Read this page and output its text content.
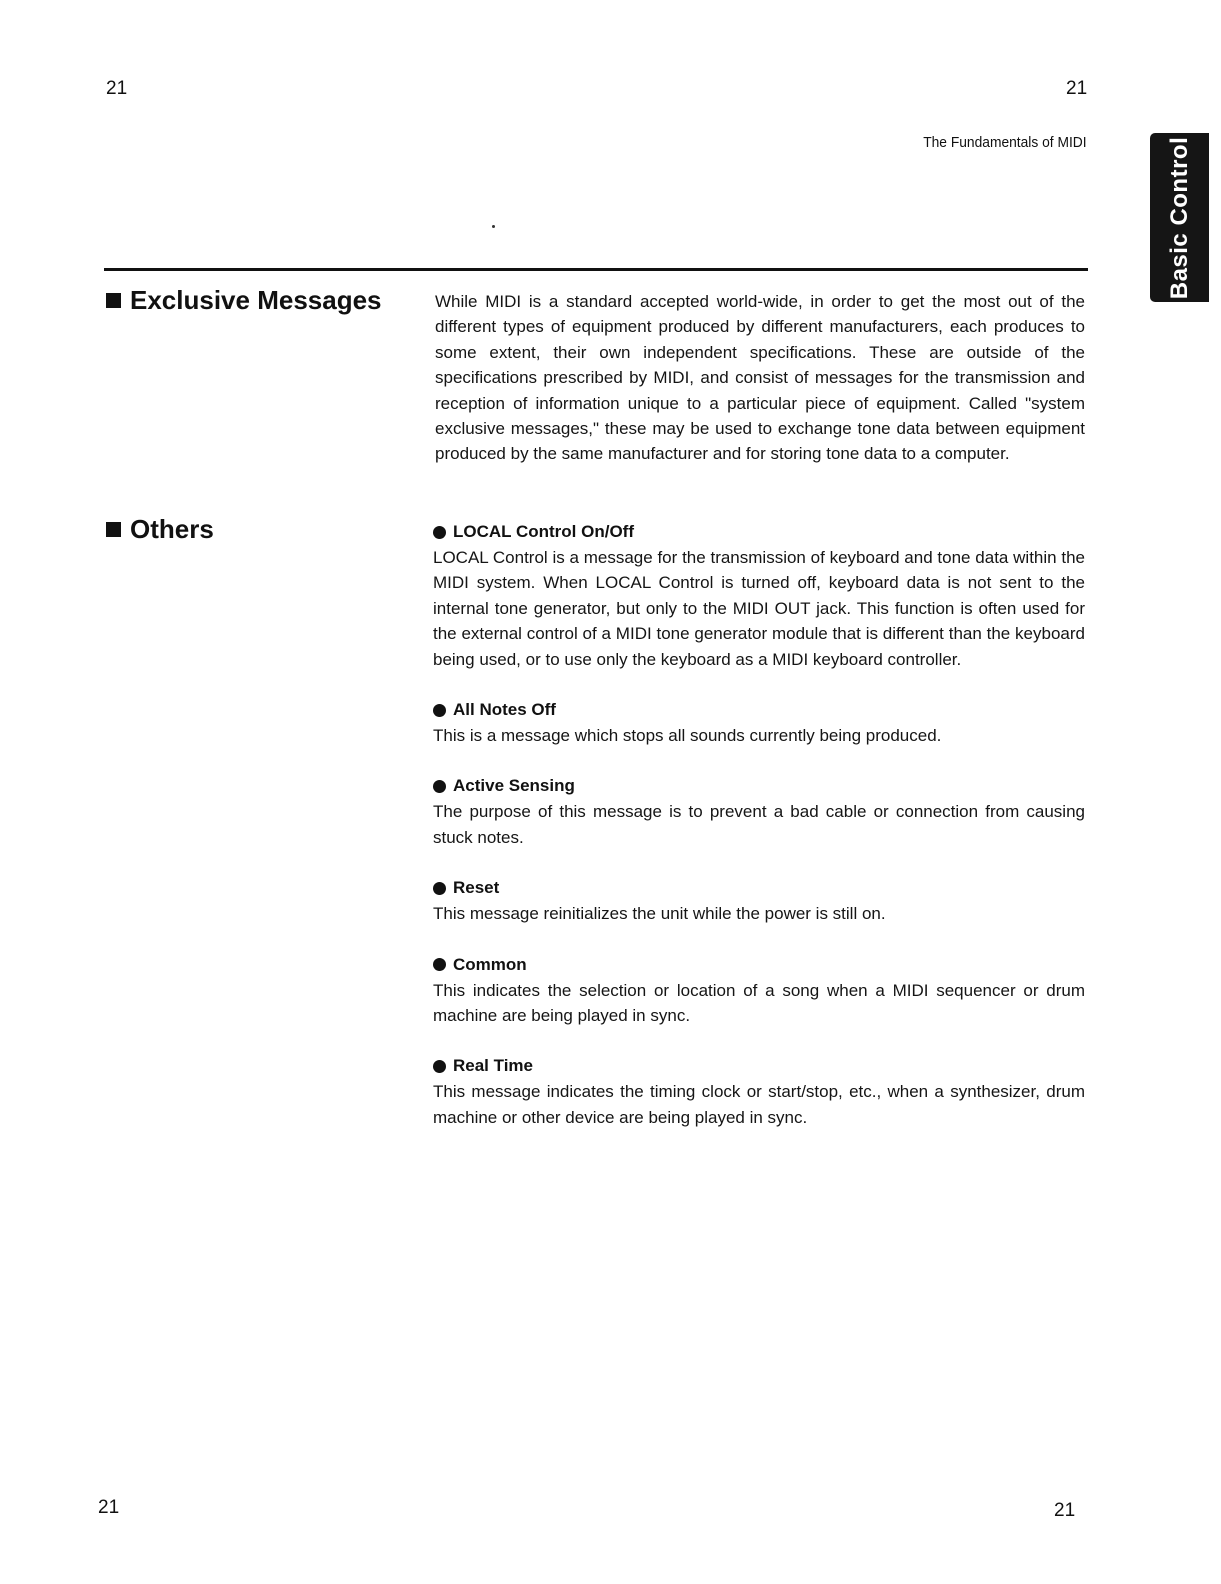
21	21
The Fundamentals of MIDI	Basic Control
Exclusive Messages	While MIDI is a standard accepted world-wide, in order to get the most out of the different types of equipment produced by different manufacturers, each produces to some extent, their own independent specifications. These are outside of the specifications prescribed by MIDI, and consist of messages for the transmission and reception of information unique to a particular piece of equipment. Called "system exclusive messages," these may be used to exchange tone data between equipment produced by the same manufacturer and for storing tone data to a computer.
Others	LOCAL Control On/Off
LOCAL Control is a message for the transmission of keyboard and tone data within the MIDI system. When LOCAL Control is turned off, keyboard data is not sent to the internal tone generator, but only to the MIDI OUT jack. This function is often used for the external control of a MIDI tone generator module that is different than the keyboard being used, or to use only the keyboard as a MIDI keyboard controller.
All Notes Off
This is a message which stops all sounds currently being produced.
Active Sensing
The purpose of this message is to prevent a bad cable or connection from causing stuck notes.
Reset
This message reinitializes the unit while the power is still on.
Common
This indicates the selection or location of a song when a MIDI sequencer or drum machine are being played in sync.
Real Time
This message indicates the timing clock or start/stop, etc., when a synthesizer, drum machine or other device are being played in sync.
21	21
